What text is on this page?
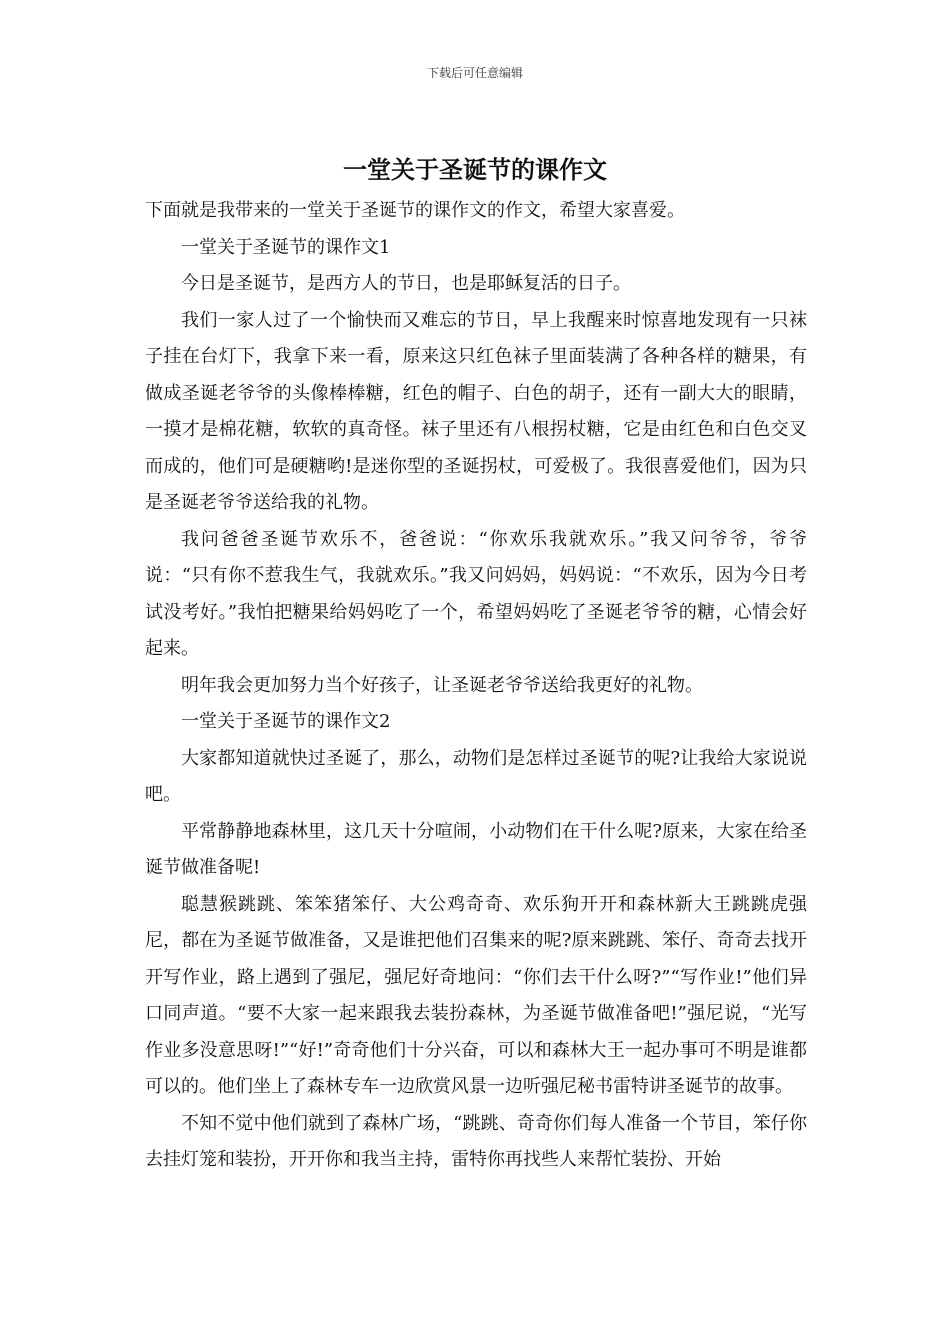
下载后可任意编辑
一堂关于圣诞节的课作文

下面就是我带来的一堂关于圣诞节的课作文的作文，希望大家喜爱。

一堂关于圣诞节的课作文1

今日是圣诞节，是西方人的节日，也是耶稣复活的日子。

我们一家人过了一个愉快而又难忘的节日，早上我醒来时惊喜地发现有一只袜子挂在台灯下，我拿下来一看，原来这只红色袜子里面装满了各种各样的糖果，有做成圣诞老爷爷的头像棒棒糖，红色的帽子、白色的胡子，还有一副大大的眼睛，一摸才是棉花糖，软软的真奇怪。袜子里还有八根拐杖糖，它是由红色和白色交叉而成的，他们可是硬糖哟!是迷你型的圣诞拐杖，可爱极了。我很喜爱他们，因为只是圣诞老爷爷送给我的礼物。

我问爸爸圣诞节欢乐不，爸爸说：“你欢乐我就欢乐。”我又问爷爷，爷爷说：“只有你不惹我生气，我就欢乐。”我又问妈妈，妈妈说：“不欢乐，因为今日考试没考好。”我怕把糖果给妈妈吃了一个，希望妈妈吃了圣诞老爷爷的糖，心情会好起来。

明年我会更加努力当个好孩子，让圣诞老爷爷送给我更好的礼物。

一堂关于圣诞节的课作文2

大家都知道就快过圣诞了，那么，动物们是怎样过圣诞节的呢?让我给大家说说吧。

平常静静地森林里，这几天十分喧闹，小动物们在干什么呢?原来，大家在给圣诞节做准备呢!

聪慧猴跳跳、笨笨猪笨仔、大公鸡奇奇、欢乐狗开开和森林新大王跳跳虎强尼，都在为圣诞节做准备，又是谁把他们召集来的呢?原来跳跳、笨仔、奇奇去找开开写作业，路上遇到了强尼，强尼好奇地问：“你们去干什么呀?”“写作业!”他们异口同声道。“要不大家一起来跟我去装扮森林，为圣诞节做准备吧!”强尼说，“光写作业多没意思呀!”“好!”奇奇他们十分兴奋，可以和森林大王一起办事可不明是谁都可以的。他们坐上了森林专车一边欣赏风景一边听强尼秘书雷特讲圣诞节的故事。

不知不觉中他们就到了森林广场，“跳跳、奇奇你们每人准备一个节目，笨仔你去挂灯笼和装扮，开开你和我当主持，雷特你再找些人来帮忙装扮、开始
